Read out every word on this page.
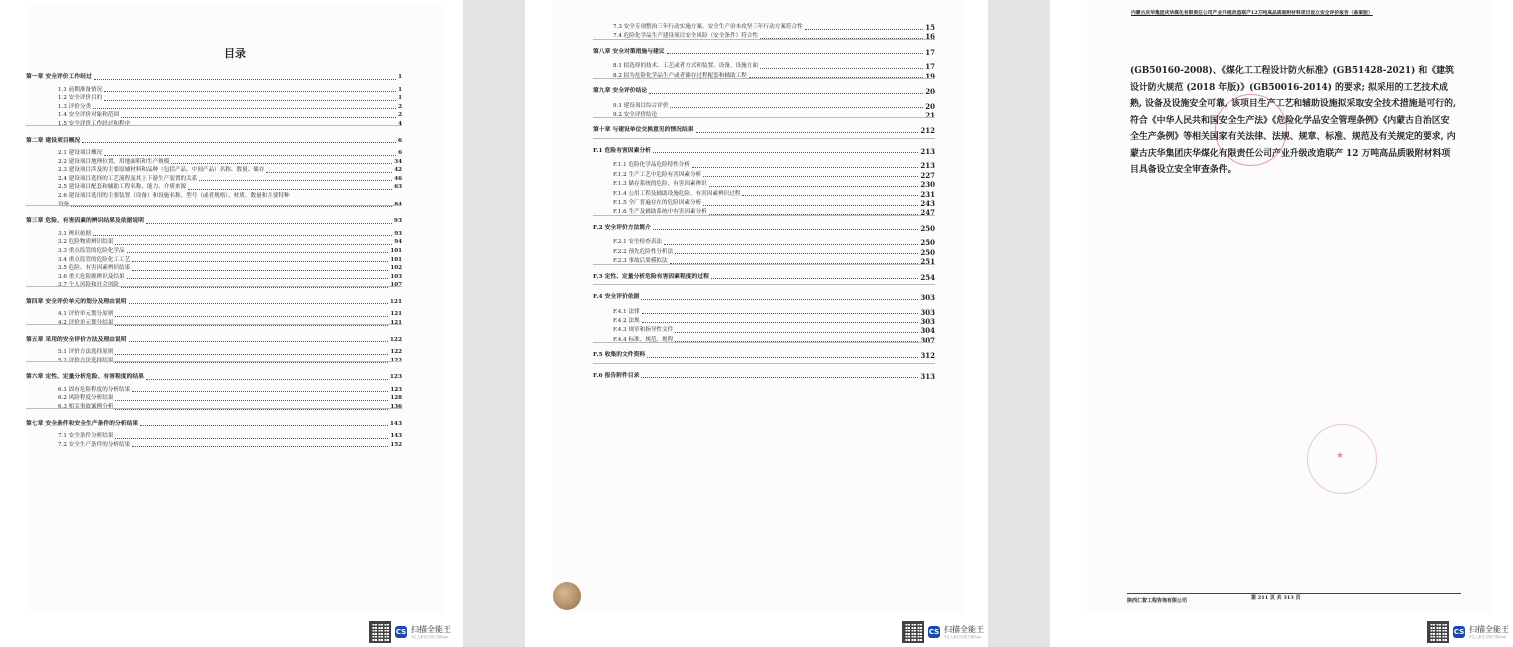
目录
第一章 安全评价工作经过	1
1.1 前期准备情况	1
1.2 安全评价目的	1
1.3 评价分类	2
1.4 安全评价对象和范围	2
1.5 安全评价工作经过和程序	4
第二章 建设项目概况	6
2.1 建设项目概况	6
2.2 建设项目地理位置、用地面积和生产规模	34
2.3 建设项目涉及的主要原辅材料和品种（包括产品、中间产品）名称、数量、储存	42
2.4 建设项目选择的工艺流程及其上下游生产装置的关系	46
2.5 建设项目配套和辅助工程名称、能力、介质来源	63
2.6 建设项目选用的主要装置（设备）和设施名称、型号（或者规格）、材质、数量和主要特种
设备	84
第三章 危险、有害因素的辨识结果及依据说明	93
3.1 辨识依据	93
3.2 危险物质辨识结果	94
3.3 重点监管的危险化学品	101
3.4 重点监管的危险化工工艺	101
3.5 危险、有害因素辨识结果	102
3.6 重大危险源辨识及结果	103
3.7 个人风险和社会风险	107
第四章 安全评价单元的划分及理由说明	121
4.1 评价单元划分原则	121
4.2 评价单元划分结果	121
第五章 采用的安全评价方法及理由说明	122
5.1 评价方法选择原则	122
5.2 评价方法选择结果	122
第六章 定性、定量分析危险、有害程度的结果	123
6.1 固有危险程度的分析结果	123
6.2 风险程度分析结果	128
6.3 相关事故案例分析	136
第七章 安全条件和安全生产条件的分析结果	143
7.1 安全条件分析结果	143
7.2 安全生产条件的分析结果	152
CS 扫描全能王
3亿人都在用的扫描App
7.3 安全专项整治三年行动实施方案、安全生产治本攻坚三年行动方案符合性	15
7.4 危险化学品生产建设项目安全风险（安全条件）符合性	16
第八章 安全对策措施与建议	17
8.1 拟选择的技术、工艺或者方式和装置、设备、设施方面	17
8.2 拟为危险化学品生产或者储存过程配套和辅助工程	19
第九章 安全评价结论	20
9.1 建设项目综合评价	20
9.2 安全评价结论	21
第十章 与建设单位交换意见的情况结果	212
F.1 危险有害因素分析	213
F.1.1 危险化学品危险特性分析	213
F.1.2 生产工艺中危险有害因素分析	227
F.1.3 储存系统的危险、有害因素辨识	230
F.1.4 公用工程及辅助设施危险、有害因素辨识过程	231
F.1.5 全厂普遍存在的危险因素分析	243
F.1.6 生产及辅助系统中有害因素分析	247
F.2 安全评价方法简介	250
F.2.1 安全检查表法	250
F.2.2 预先危险性分析法	250
F.2.3 事故后果模拟法	251
F.3 定性、定量分析危险有害因素程度的过程	254
F.4 安全评价依据	303
F.4.1 法律	303
F.4.2 法规	303
F.4.3 规章和指导性文件	304
F.4.4 标准、规范、规程	307
F.5 收集的文件资料	312
F.6 报告附件目录	313
CS 扫描全能王
3亿人都在用的扫描App
内蒙古庆华集团庆华煤化有限责任公司产业升级改造联产12万吨高品质吸附材料项目设立安全评价报告（备案版）
(GB50160-2008)、《煤化工工程设计防火标准》(GB51428-2021) 和《建筑设计防火规范 (2018 年版)》(GB50016-2014) 的要求; 拟采用的工艺技术成熟, 设备及设施安全可靠, 该项目生产工艺和辅助设施拟采取安全技术措施是可行的, 符合《中华人民共和国安全生产法》《危险化学品安全管理条例》《内蒙古自治区安全生产条例》等相关国家有关法律、法规、规章、标准、规范及有关规定的要求, 内蒙古庆华集团庆华煤化有限责任公司产业升级改造联产 12 万吨高品质吸附材料项目具备设立安全审查条件。
★
陕西仁智工程咨询有限公司	第 211 页 共 313 页
CS 扫描全能王
3亿人都在用的扫描App
